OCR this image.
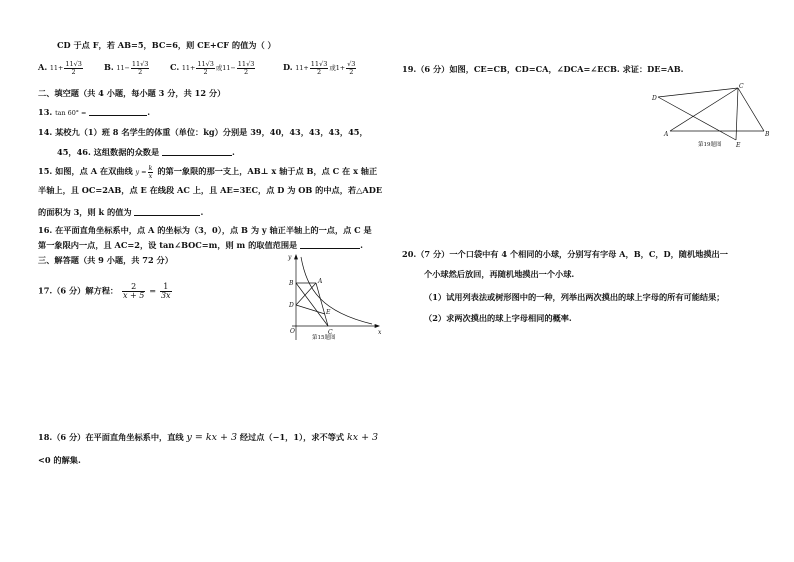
CD 于点 F，若 AB=5，BC=6，则 CE+CF 的值为（ ）
A. $11+ \frac{11√3}{2}$	B. $11- \frac{11√3}{2}$	C. $11+ \frac{11√3}{2}$ 或$11- \frac{11√3}{2}$	D. $11+ \frac{11√3}{2}$ 或$1+ \frac{√3}{2}$
二、填空题（共 4 小题，每小题 3 分，共 12 分）
13. tan 60° =	.
14. 某校九（1）班 8 名学生的体重（单位：kg）分别是 39，40，43，43，43，45，
45，46. 这组数据的众数是	.
15. 如图，点 A 在双曲线 $y = \frac{k}{x}$ 的第一象限的那一支上，AB⊥ x 轴于点 B，点 C 在 x 轴正
半轴上，且 OC=2AB，点 E 在线段 AC 上，且 AE=3EC，点 D 为 OB 的中点，若△ADE
的面积为 3，则 k 的值为	.
16. 在平面直角坐标系中，点 A 的坐标为（3，0），点 B 为 y 轴正半轴上的一点，点 C 是
第一象限内一点，且 AC=2，设 tan∠BOC=m，则 m 的取值范围是	.
三、解答题（共 9 小题，共 72 分）
17.（6 分）解方程： $\frac{2}{x + 5} = \frac{1}{3x}$
y
x
O
A
B
C
D
E
第15题图
18.（6 分）在平面直角坐标系中，直线 y = kx + 3 经过点（−1，1），求不等式 kx + 3
<0 的解集.
19.（6 分）如图，CE=CB，CD=CA，∠DCA=∠ECB. 求证：DE=AB.
A	B
C
D
E
第19题图
20.（7 分）一个口袋中有 4 个相同的小球，分别写有字母 A，B，C，D，随机地摸出一
个小球然后放回，再随机地摸出一个小球.
（1）试用列表法或树形图中的一种，列举出两次摸出的球上字母的所有可能结果；
（2）求两次摸出的球上字母相同的概率.
